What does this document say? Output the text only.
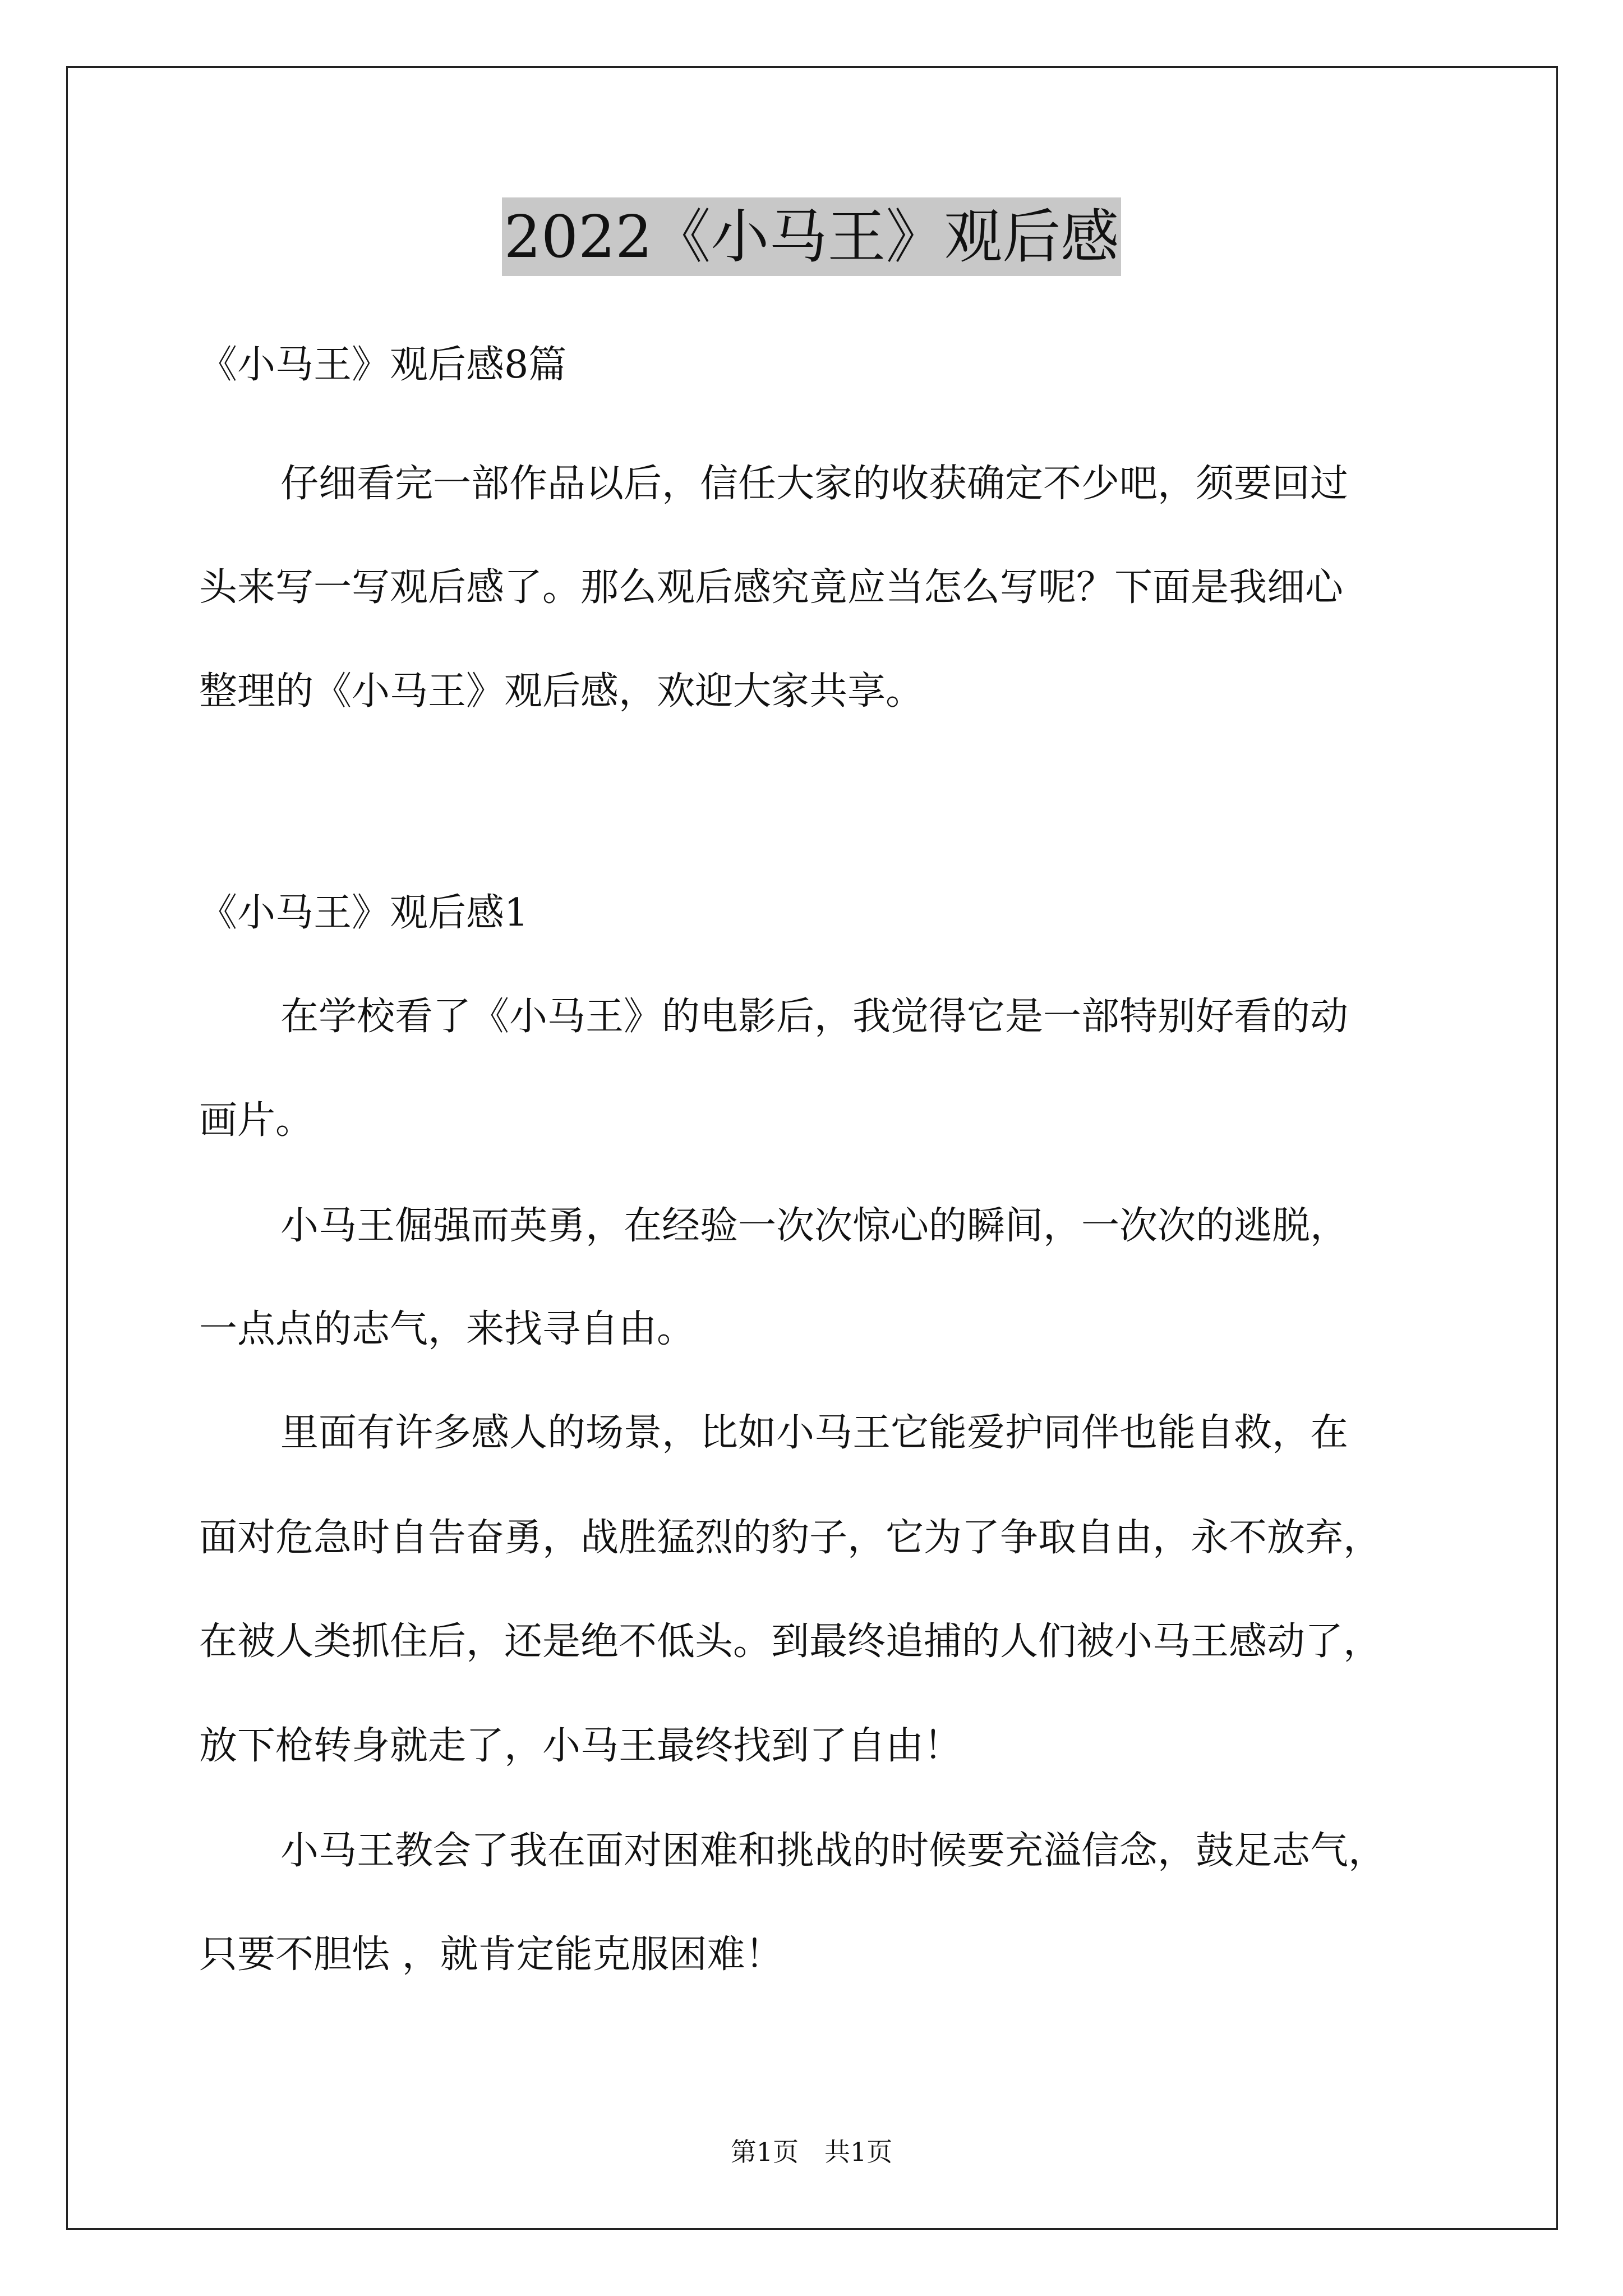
2022《小马王》观后感
《小马王》观后感8篇
仔细看完一部作品以后，信任大家的收获确定不少吧，须要回过
头来写一写观后感了。那么观后感究竟应当怎么写呢？下面是我细心
整理的《小马王》观后感，欢迎大家共享。
《小马王》观后感1
在学校看了《小马王》的电影后，我觉得它是一部特别好看的动
画片。
小马王倔强而英勇，在经验一次次惊心的瞬间，一次次的逃脱，
一点点的志气，来找寻自由。
里面有许多感人的场景，比如小马王它能爱护同伴也能自救，在
面对危急时自告奋勇，战胜猛烈的豹子，它为了争取自由，永不放弃，
在被人类抓住后，还是绝不低头。到最终追捕的人们被小马王感动了，
放下枪转身就走了，小马王最终找到了自由！
小马王教会了我在面对困难和挑战的时候要充溢信念，鼓足志气，
只要不胆怯 ，就肯定能克服困难！
第1页　共1页
